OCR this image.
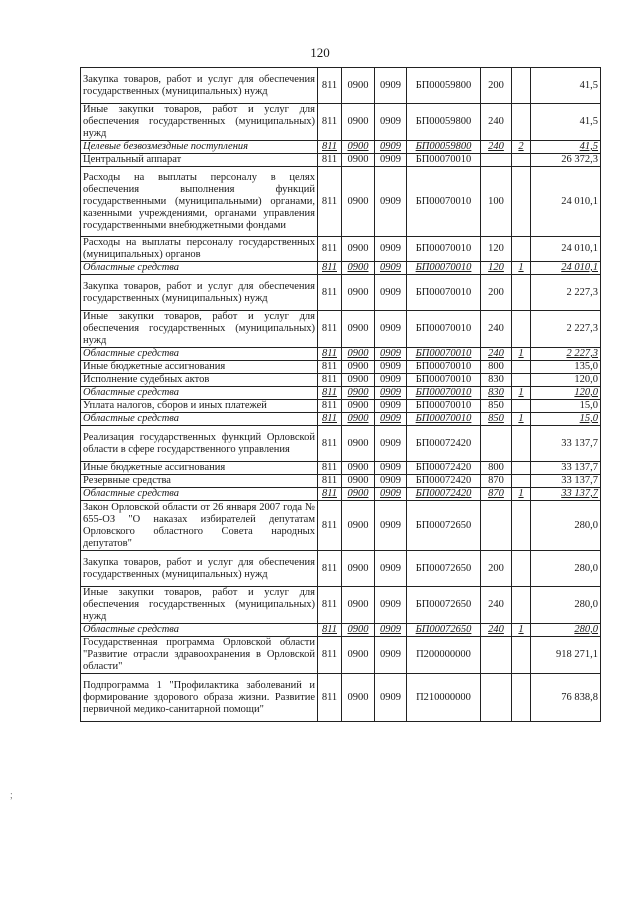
120
Закупка товаров, работ и услуг для обеспечения государственных (муниципальных) нужд	811	0900	0909	БП00059800	200		41,5
Иные закупки товаров, работ и услуг для обеспечения государственных (муниципальных) нужд	811	0900	0909	БП00059800	240		41,5
Целевые безвозмездные поступления	811	0900	0909	БП00059800	240	2	41,5
Центральный аппарат	811	0900	0909	БП00070010			26 372,3
Расходы на выплаты персоналу в целях обеспечения выполнения функций государственными (муниципальными) органами, казенными учреждениями, органами управления государственными внебюджетными фондами	811	0900	0909	БП00070010	100		24 010,1
Расходы на выплаты персоналу государственных (муниципальных) органов	811	0900	0909	БП00070010	120		24 010,1
Областные средства	811	0900	0909	БП00070010	120	1	24 010,1
Закупка товаров, работ и услуг для обеспечения государственных (муниципальных) нужд	811	0900	0909	БП00070010	200		2 227,3
Иные закупки товаров, работ и услуг для обеспечения государственных (муниципальных) нужд	811	0900	0909	БП00070010	240		2 227,3
Областные средства	811	0900	0909	БП00070010	240	1	2 227,3
Иные бюджетные ассигнования	811	0900	0909	БП00070010	800		135,0
Исполнение судебных актов	811	0900	0909	БП00070010	830		120,0
Областные средства	811	0900	0909	БП00070010	830	1	120,0
Уплата налогов, сборов и иных платежей	811	0900	0909	БП00070010	850		15,0
Областные средства	811	0900	0909	БП00070010	850	1	15,0
Реализация государственных функций Орловской области в сфере государственного управления	811	0900	0909	БП00072420			33 137,7
Иные бюджетные ассигнования	811	0900	0909	БП00072420	800		33 137,7
Резервные средства	811	0900	0909	БП00072420	870		33 137,7
Областные средства	811	0900	0909	БП00072420	870	1	33 137,7
Закон Орловской области от 26 января 2007 года № 655-ОЗ "О наказах избирателей депутатам Орловского областного Совета народных депутатов"	811	0900	0909	БП00072650			280,0
Закупка товаров, работ и услуг для обеспечения государственных (муниципальных) нужд	811	0900	0909	БП00072650	200		280,0
Иные закупки товаров, работ и услуг для обеспечения государственных (муниципальных) нужд	811	0900	0909	БП00072650	240		280,0
Областные средства	811	0900	0909	БП00072650	240	1	280,0
Государственная программа Орловской области "Развитие отрасли здравоохранения в Орловской области"	811	0900	0909	П200000000			918 271,1
Подпрограмма 1 "Профилактика заболеваний и формирование здорового образа жизни. Развитие первичной медико-санитарной помощи"	811	0900	0909	П210000000			76 838,8
;
